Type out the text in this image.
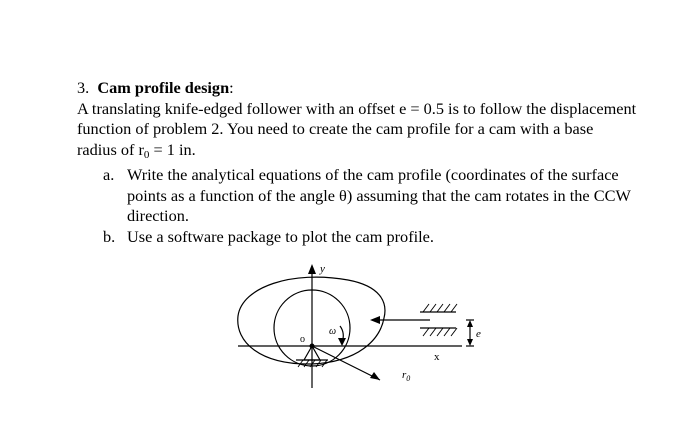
3. Cam profile design:
A translating knife-edged follower with an offset e = 0.5 is to follow the displacement
function of problem 2. You need to create the cam profile for a cam with a base
radius of $r_0 = 1$ in.
a. Write the analytical equations of the cam profile (coordinates of the surface
points as a function of the angle θ) assuming that the cam rotates in the CCW
direction.
b. Use a software package to plot the cam profile.
y
o
ω
x
e
$r_0$
